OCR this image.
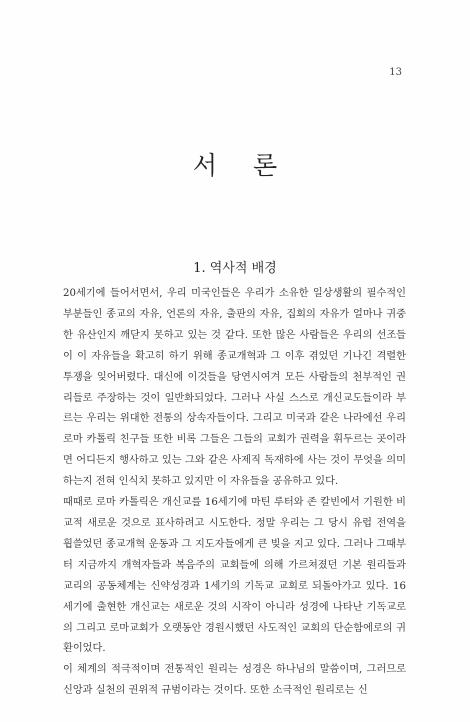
13
서 론
1. 역사적 배경

20세기에 들어서면서, 우리 미국인들은 우리가 소유한 일상생활의 필수적인 부분들인 종교의 자유, 언론의 자유, 출판의 자유, 집회의 자유가 얼마나 귀중한 유산인지 깨닫지 못하고 있는 것 같다. 또한 많은 사람들은 우리의 선조들이 이 자유들을 확고히 하기 위해 종교개혁과 그 이후 겪었던 기나긴 격렬한 투쟁을 잊어버렸다. 대신에 이것들을 당연시여겨 모든 사람들의 천부적인 권리들로 주장하는 것이 일반화되었다. 그러나 사실 스스로 개신교도들이라 부르는 우리는 위대한 전통의 상속자들이다. 그리고 미국과 같은 나라에선 우리 로마 카톨릭 친구들 또한 비록 그들은 그들의 교회가 권력을 휘두르는 곳이라면 어디든지 행사하고 있는 그와 같은 사제직 독재하에 사는 것이 무엇을 의미하는지 전혀 인식치 못하고 있지만 이 자유들을 공유하고 있다.

때때로 로마 카톨릭은 개신교를 16세기에 마틴 루터와 존 칼빈에서 기원한 비교적 새로운 것으로 표사하려고 시도한다. 정말 우리는 그 당시 유럽 전역을 휩쓸었던 종교개혁 운동과 그 지도자들에게 큰 빚을 지고 있다. 그러나 그때부터 지금까지 개혁자들과 복음주의 교회들에 의해 가르쳐졌던 기본 원리들과 교리의 공동체계는 신약성경과 1세기의 기독교 교회로 되돌아가고 있다. 16세기에 출현한 개신교는 새로운 것의 시작이 아니라 성경에 나타난 기독교로의 그리고 로마교회가 오랫동안 경원시했던 사도적인 교회의 단순함에로의 귀환이었다.

이 체계의 적극적이며 전통적인 원리는 성경은 하나님의 말씀이며, 그러므로 신앙과 실천의 권위적 규범이라는 것이다. 또한 소극적인 원리로는 신
